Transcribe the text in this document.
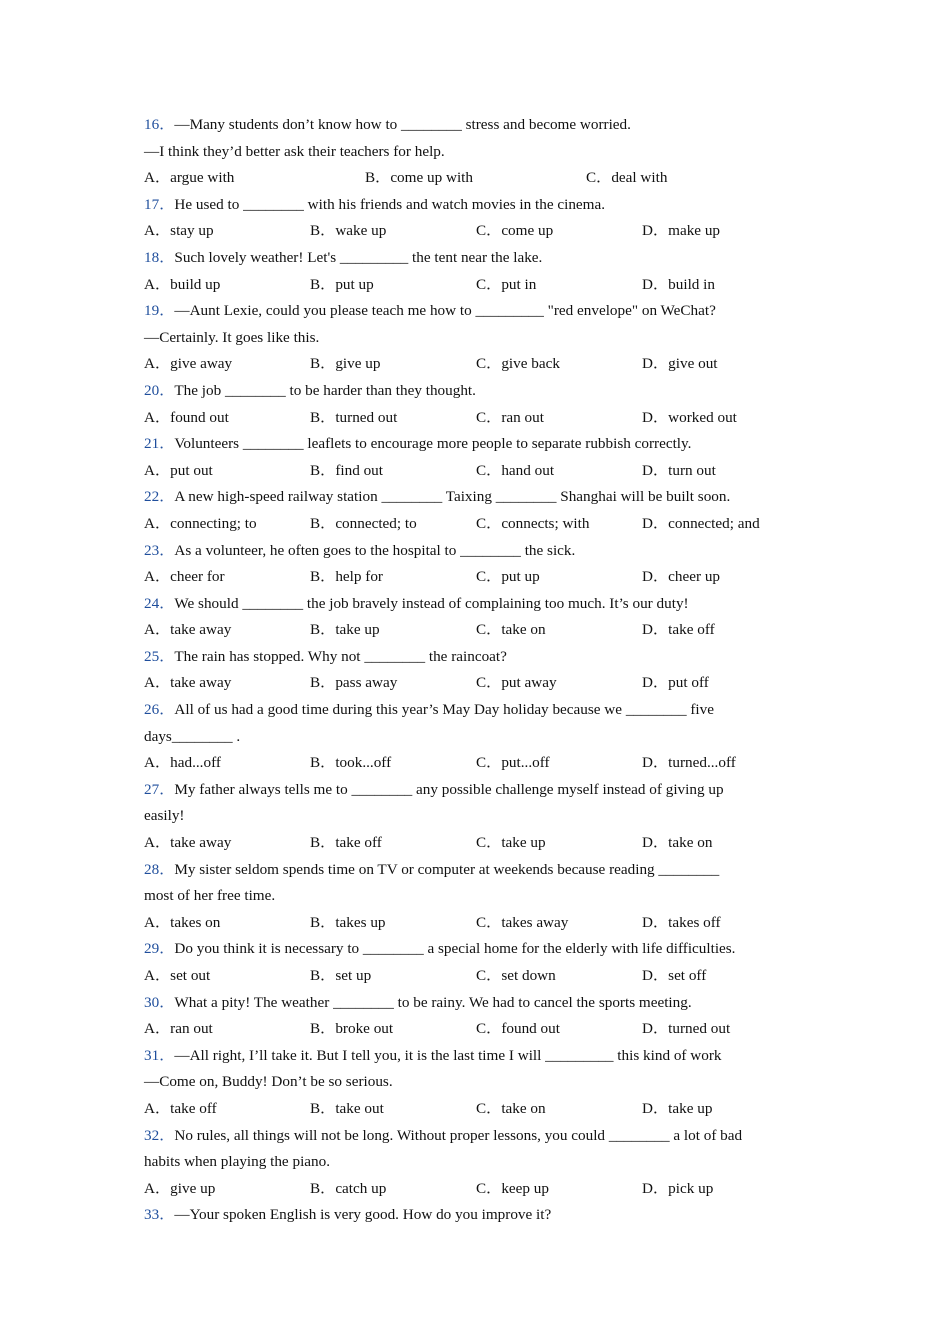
16．—Many students don’t know how to ________ stress and become worried.
—I think they’d better ask their teachers for help.
A．argue with	B．come up with	C．deal with
17．He used to ________ with his friends and watch movies in the cinema.
A．stay up	B．wake up	C．come up	D．make up
18．Such lovely weather! Let's _________ the tent near the lake.
A．build up	B．put up	C．put in	D．build in
19．—Aunt Lexie, could you please teach me how to _________ "red envelope" on WeChat?
—Certainly. It goes like this.
A．give away	B．give up	C．give back	D．give out
20．The job ________ to be harder than they thought.
A．found out	B．turned out	C．ran out	D．worked out
21．Volunteers ________ leaflets to encourage more people to separate rubbish correctly.
A．put out	B．find out	C．hand out	D．turn out
22．A new high-speed railway station ________ Taixing ________ Shanghai will be built soon.
A．connecting; to	B．connected; to	C．connects; with	D．connected; and
23．As a volunteer, he often goes to the hospital to ________ the sick.
A．cheer for	B．help for	C．put up	D．cheer up
24．We should ________ the job bravely instead of complaining too much. It’s our duty!
A．take away	B．take up	C．take on	D．take off
25．The rain has stopped. Why not ________ the raincoat?
A．take away	B．pass away	C．put away	D．put off
26．All of us had a good time during this year’s May Day holiday because we ________ five
days________ .
A．had...off	B．took...off	C．put...off	D．turned...off
27．My father always tells me to ________ any possible challenge myself instead of giving up
easily!
A．take away	B．take off	C．take up	D．take on
28．My sister seldom spends time on TV or computer at weekends because reading ________
most of her free time.
A．takes on	B．takes up	C．takes away	D．takes off
29．Do you think it is necessary to ________ a special home for the elderly with life difficulties.
A．set out	B．set up	C．set down	D．set off
30．What a pity! The weather ________ to be rainy. We had to cancel the sports meeting.
A．ran out	B．broke out	C．found out	D．turned out
31．—All right, I’ll take it. But I tell you, it is the last time I will _________ this kind of work
—Come on, Buddy! Don’t be so serious.
A．take off	B．take out	C．take on	D．take up
32．No rules, all things will not be long. Without proper lessons, you could ________ a lot of bad
habits when playing the piano.
A．give up	B．catch up	C．keep up	D．pick up
33．—Your spoken English is very good. How do you improve it?
